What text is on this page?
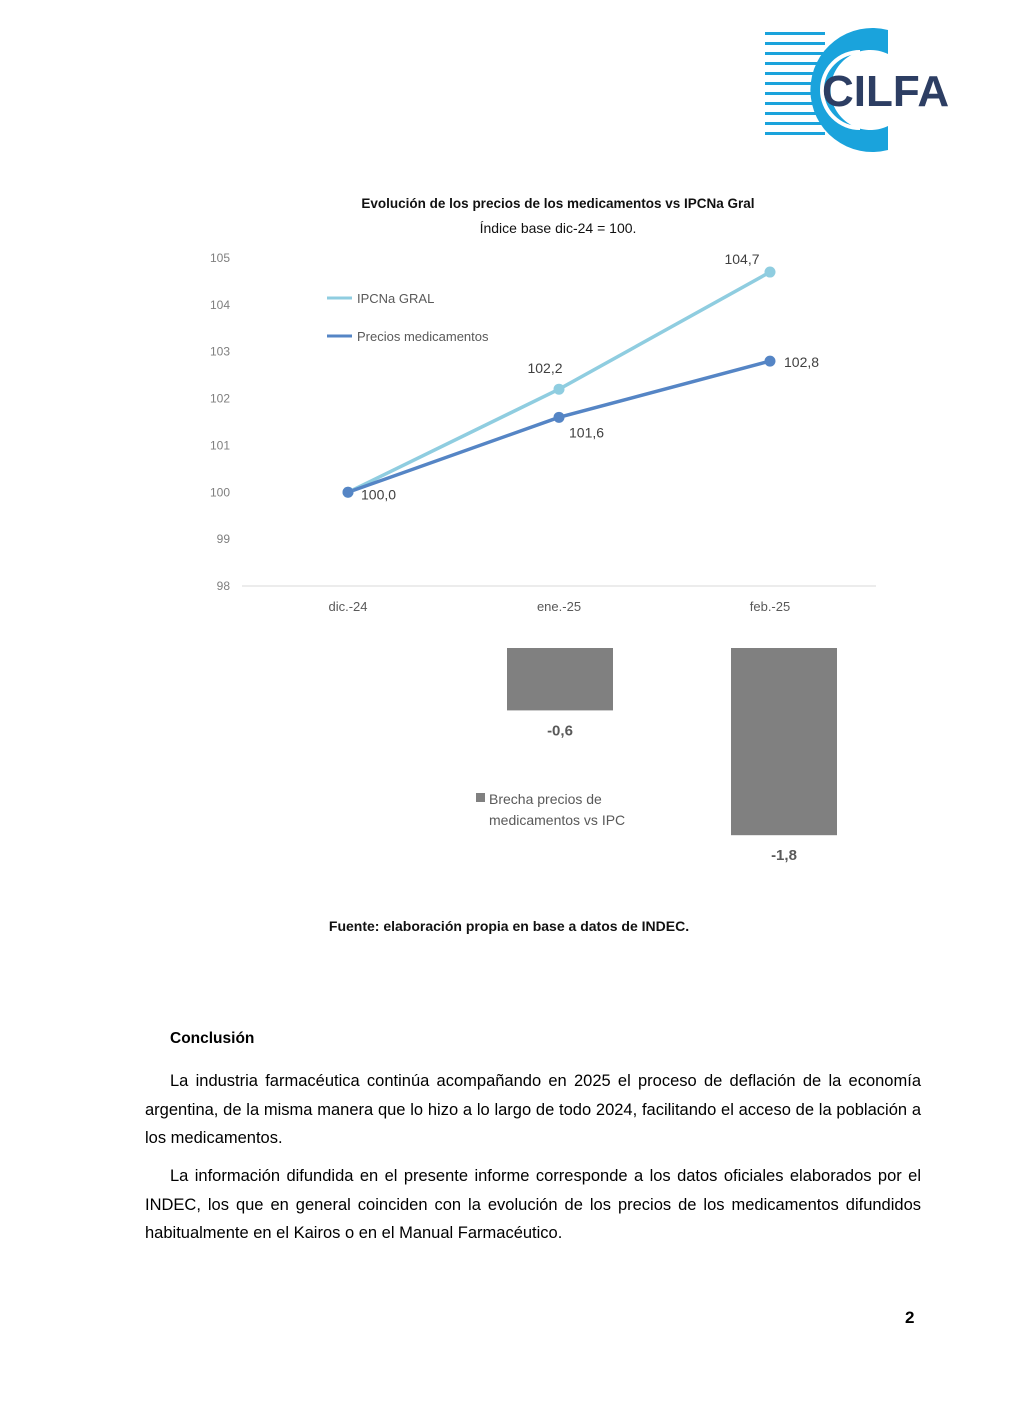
CILFA
Evolución de los precios de los medicamentos vs IPCNa Gral
Índice base dic-24 = 100.
105
104
103
102
101
100
99
98
dic.-24	ene.-25	feb.-25
IPCNa GRAL
Precios medicamentos
102,2
104,7
100,0
101,6
102,8
-0,6
-1,8
Brecha precios de
medicamentos vs IPC
Fuente: elaboración propia en base a datos de INDEC.
Conclusión

La industria farmacéutica continúa acompañando en 2025 el proceso de deflación de la economía argentina, de la misma manera que lo hizo a lo largo de todo 2024, facilitando el acceso de la población a los medicamentos.

La información difundida en el presente informe corresponde a los datos oficiales elaborados por el INDEC, los que en general coinciden con la evolución de los precios de los medicamentos difundidos habitualmente en el Kairos o en el Manual Farmacéutico.

2
